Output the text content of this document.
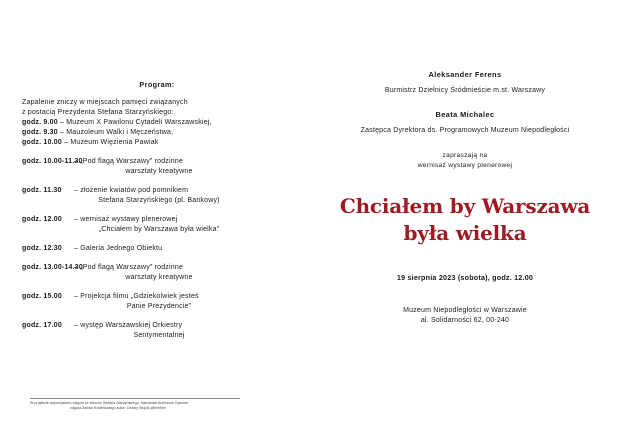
Program:
Zapalenie zniczy w miejscach pamięci związanych
z postacią Prezydenta Stefana Starzyńskiego:
godz. 9.00 – Muzeum X Pawilonu Cytadeli Warszawskiej,
godz. 9.30 – Mauzoleum Walki i Męczeństwa,
godz. 10.00 – Muzeum Więzienia Pawiak
godz. 10.00-11.30
– „Pod flagą Warszawy” rodzinne
warsztaty kreatywne
godz. 11.30	– złożenie kwiatów pod pomnikiem
Stefana Starzyńskiego (pl. Bankowy)
godz. 12.00	– wernisaż wystawy plenerowej
„Chciałem by Warszawa była wielka”
godz. 12.30	– Galeria Jednego Obiektu
godz. 13.00-14.30
– „Pod flagą Warszawy” rodzinne
warsztaty kreatywne
godz. 15.00	– Projekcja filmu „Gdziekolwiek jesteś
Panie Prezydencie”
godz. 17.00	– występ Warszawskiej Orkiestry
Sentymentalnej
W projekcie wykorzystano zdjęcia ze zbiorów Stefana Starzyńskiego, Narodowe Archiwum Cyfrowe,
zdjęcia Zamku Królewskiego autor: Cezary Wojcik @mmfilm
Aleksander Ferens
Burmistrz Dzielnicy Śródmieście m.st. Warszawy
Beata Michalec
Zastępca Dyrektora ds. Programowych Muzeum Niepodległości
zapraszają na
wernisaż wystawy plenerowej
Chciałem by Warszawa
była wielka
19 sierpnia 2023 (sobota), godz. 12.00
Muzeum Niepodległości w Warszawie
al. Solidarności 62, 00-240
